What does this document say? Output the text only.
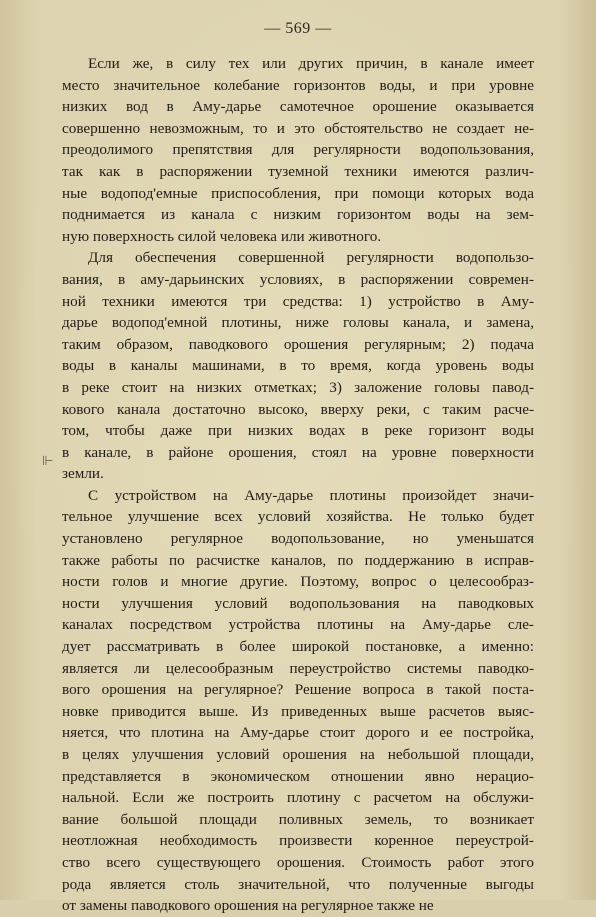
— 569 —
⊩
Если же, в силу тех или других причин, в канале имеет
место значительное колебание горизонтов воды, и при уровне
низких вод в Аму-дарье самотечное орошение оказывается
совершенно невозможным, то и это обстоятельство не создает не-
преодолимого препятствия для регулярности водопользования,
так как в распоряжении туземной техники имеются различ-
ные водопод'емные приспособления, при помощи которых вода
поднимается из канала с низким горизонтом воды на зем-
ную поверхность силой человека или животного.
Для обеспечения совершенной регулярности водопользо-
вания, в аму-дарьинских условиях, в распоряжении современ-
ной техники имеются три средства: 1) устройство в Аму-
дарье водопод'емной плотины, ниже головы канала, и замена,
таким образом, паводкового орошения регулярным; 2) подача
воды в каналы машинами, в то время, когда уровень воды
в реке стоит на низких отметках; 3) заложение головы павод-
кового канала достаточно высоко, вверху реки, с таким расче-
том, чтобы даже при низких водах в реке горизонт воды
в канале, в районе орошения, стоял на уровне поверхности
земли.
С устройством на Аму-дарье плотины произойдет значи-
тельное улучшение всех условий хозяйства. Не только будет
установлено регулярное водопользование, но уменьшатся
также работы по расчистке каналов, по поддержанию в исправ-
ности голов и многие другие. Поэтому, вопрос о целесообраз-
ности улучшения условий водопользования на паводковых
каналах посредством устройства плотины на Аму-дарье сле-
дует рассматривать в более широкой постановке, а именно:
является ли целесообразным переустройство системы паводко-
вого орошения на регулярное? Решение вопроса в такой поста-
новке приводится выше. Из приведенных выше расчетов выяс-
няется, что плотина на Аму-дарье стоит дорого и ее постройка,
в целях улучшения условий орошения на небольшой площади,
представляется в экономическом отношении явно нерацио-
нальной. Если же построить плотину с расчетом на обслужи-
вание большой площади поливных земель, то возникает
неотложная необходимость произвести коренное переустрой-
ство всего существующего орошения. Стоимость работ этого
рода является столь значительной, что полученные выгоды
от замены паводкового орошения на регулярное также не
